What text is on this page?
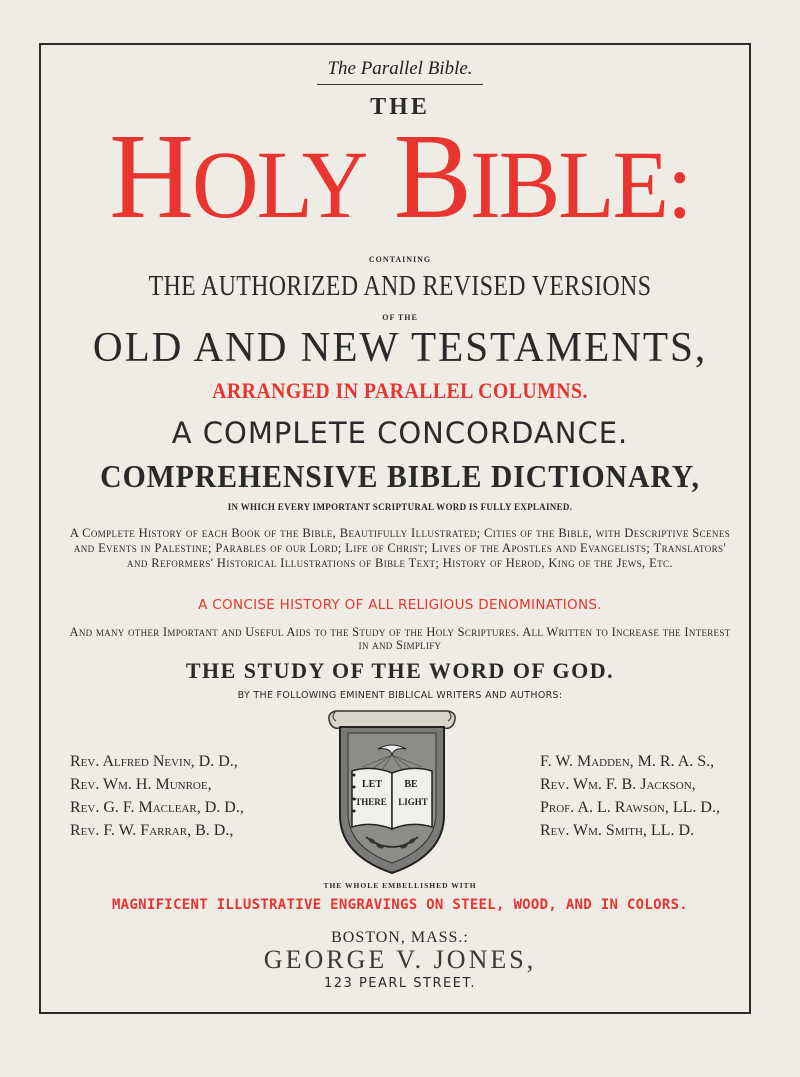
The Parallel Bible.
THE
HOLY BIBLE:
CONTAINING
THE AUTHORIZED AND REVISED VERSIONS
OF THE
OLD AND NEW TESTAMENTS,
ARRANGED IN PARALLEL COLUMNS.
A COMPLETE CONCORDANCE.
COMPREHENSIVE BIBLE DICTIONARY,
IN WHICH EVERY IMPORTANT SCRIPTURAL WORD IS FULLY EXPLAINED.
A Complete History of each Book of the Bible, Beautifully Illustrated; Cities of the Bible, with Descriptive Scenes and Events in Palestine; Parables of our Lord; Life of Christ; Lives of the Apostles and Evangelists; Translators' and Reformers' Historical Illustrations of Bible Text; History of Herod, King of the Jews, Etc.
A CONCISE HISTORY OF ALL RELIGIOUS DENOMINATIONS.
And many other Important and Useful Aids to the Study of the Holy Scriptures. All Written to Increase the Interest in and Simplify
THE STUDY OF THE WORD OF GOD.
BY THE FOLLOWING EMINENT BIBLICAL WRITERS AND AUTHORS:
Rev. Alfred Nevin, D. D.,
Rev. Wm. H. Munroe,
Rev. G. F. Maclear, D. D.,
Rev. F. W. Farrar, B. D.,
LET BE
THERE LIGHT
F. W. Madden, M. R. A. S.,
Rev. Wm. F. B. Jackson,
Prof. A. L. Rawson, LL. D.,
Rev. Wm. Smith, LL. D.
THE WHOLE EMBELLISHED WITH
MAGNIFICENT ILLUSTRATIVE ENGRAVINGS ON STEEL, WOOD, AND IN COLORS.
BOSTON, MASS.:
GEORGE V. JONES,
123 PEARL STREET.
